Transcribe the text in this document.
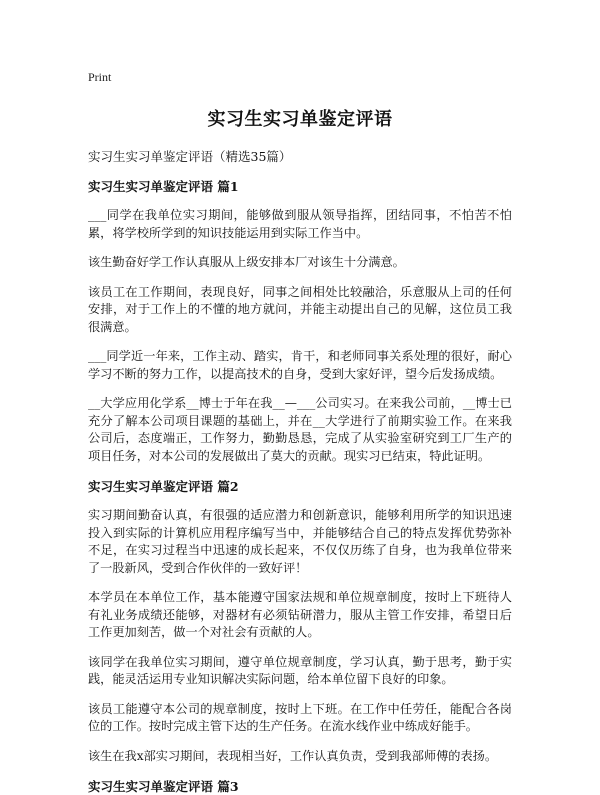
Print
实习生实习单鉴定评语
实习生实习单鉴定评语（精选35篇）
实习生实习单鉴定评语 篇1

___同学在我单位实习期间，能够做到服从领导指挥，团结同事，不怕苦不怕累，将学校所学到的知识技能运用到实际工作当中。

该生勤奋好学工作认真服从上级安排本厂对该生十分满意。

该员工在工作期间，表现良好，同事之间相处比较融洽，乐意服从上司的任何安排，对于工作上的不懂的地方就问，并能主动提出自己的见解，这位员工我很满意。

___同学近一年来，工作主动、踏实，肯干，和老师同事关系处理的很好，耐心学习不断的努力工作，以提高技术的自身，受到大家好评，望今后发扬成绩。

__大学应用化学系__博士于年在我__—___公司实习。在来我公司前，__博士已充分了解本公司项目课题的基础上，并在__大学进行了前期实验工作。在来我公司后，态度端正，工作努力，勤勤恳恳，完成了从实验室研究到工厂生产的项目任务，对本公司的发展做出了莫大的贡献。现实习已结束，特此证明。

实习生实习单鉴定评语 篇2

实习期间勤奋认真，有很强的适应潜力和创新意识，能够利用所学的知识迅速投入到实际的计算机应用程序编写当中，并能够结合自己的特点发挥优势弥补不足，在实习过程当中迅速的成长起来，不仅仅历练了自身，也为我单位带来了一股新风，受到合作伙伴的一致好评！

本学员在本单位工作，基本能遵守国家法规和单位规章制度，按时上下班待人有礼业务成绩还能够，对器材有必须钻研潜力，服从主管工作安排，希望日后工作更加刻苦，做一个对社会有贡献的人。

该同学在我单位实习期间，遵守单位规章制度，学习认真，勤于思考，勤于实践，能灵活运用专业知识解决实际问题，给本单位留下良好的印象。

该员工能遵守本公司的规章制度，按时上下班。在工作中任劳任，能配合各岗位的工作。按时完成主管下达的生产任务。在流水线作业中练成好能手。

该生在我x部实习期间，表现相当好，工作认真负责，受到我部师傅的表扬。

实习生实习单鉴定评语 篇3
